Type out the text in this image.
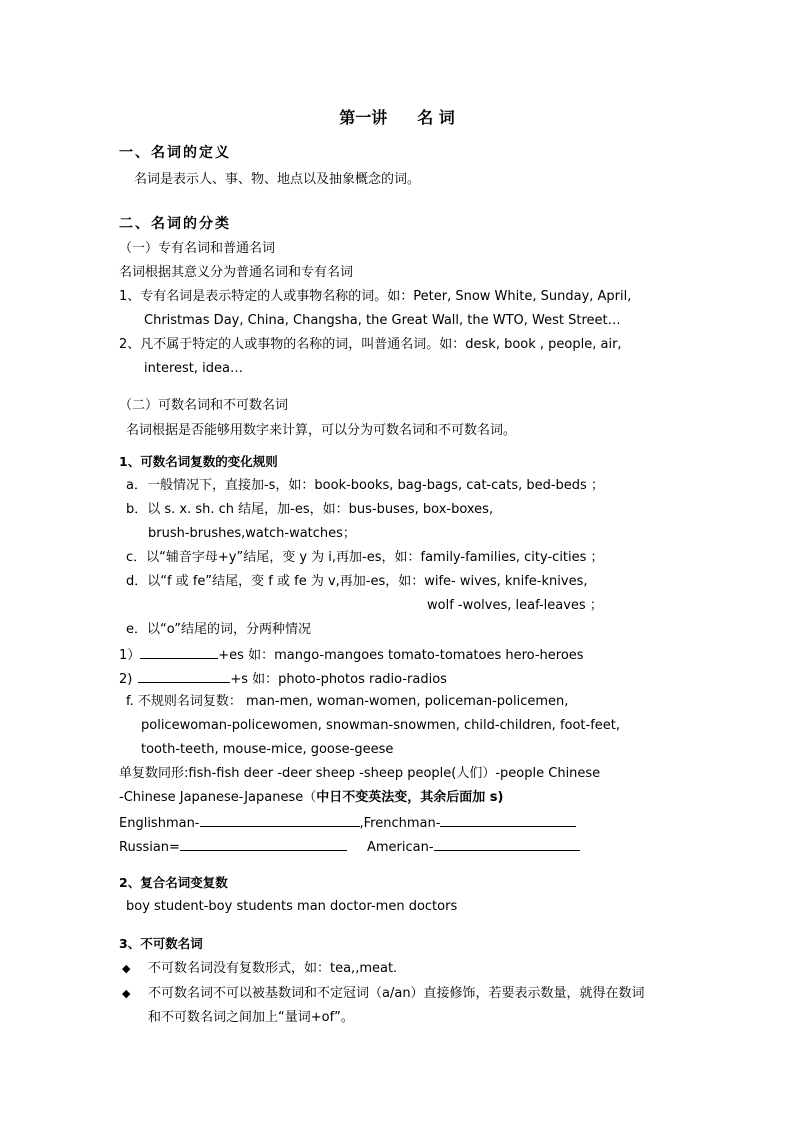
第一讲 名 词
一、名词的定义
名词是表示人、事、物、地点以及抽象概念的词。
二、名词的分类
（一）专有名词和普通名词
名词根据其意义分为普通名词和专有名词
1、专有名词是表示特定的人或事物名称的词。如：Peter, Snow White, Sunday, April,
Christmas Day, China, Changsha, the Great Wall, the WTO, West Street…
2、凡不属于特定的人或事物的名称的词，叫普通名词。如：desk, book , people, air,
interest, idea…
（二）可数名词和不可数名词
名词根据是否能够用数字来计算，可以分为可数名词和不可数名词。
1、可数名词复数的变化规则
a．一般情况下，直接加-s，如：book-books, bag-bags, cat-cats, bed-beds ；
b．以 s. x. sh. ch 结尾，加-es，如：bus-buses, box-boxes,
brush-brushes,watch-watches；
c．以“辅音字母+y”结尾，变 y 为 i,再加-es，如：family-families, city-cities ；
d．以“f 或 fe”结尾，变 f 或 fe 为 v,再加-es，如：wife- wives, knife-knives,
wolf -wolves, leaf-leaves ；
e．以“o”结尾的词，分两种情况
1）	+es 如：mango-mangoes tomato-tomatoes hero-heroes
2)	+s 如：photo-photos radio-radios
f. 不规则名词复数： man-men, woman-women, policeman-policemen,
policewoman-policewomen, snowman-snowmen, child-children, foot-feet,
tooth-teeth, mouse-mice, goose-geese
单复数同形:fish-fish deer -deer sheep -sheep people(人们）-people Chinese
-Chinese Japanese-Japanese（中日不变英法变，其余后面加 s)
Englishman-	,Frenchman-
Russian=	American-
2、复合名词变复数
boy student-boy students man doctor-men doctors
3、不可数名词
◆ 不可数名词没有复数形式，如：tea,,meat.
◆ 不可数名词不可以被基数词和不定冠词（a/an）直接修饰，若要表示数量，就得在数词
和不可数名词之间加上“量词+of”。
